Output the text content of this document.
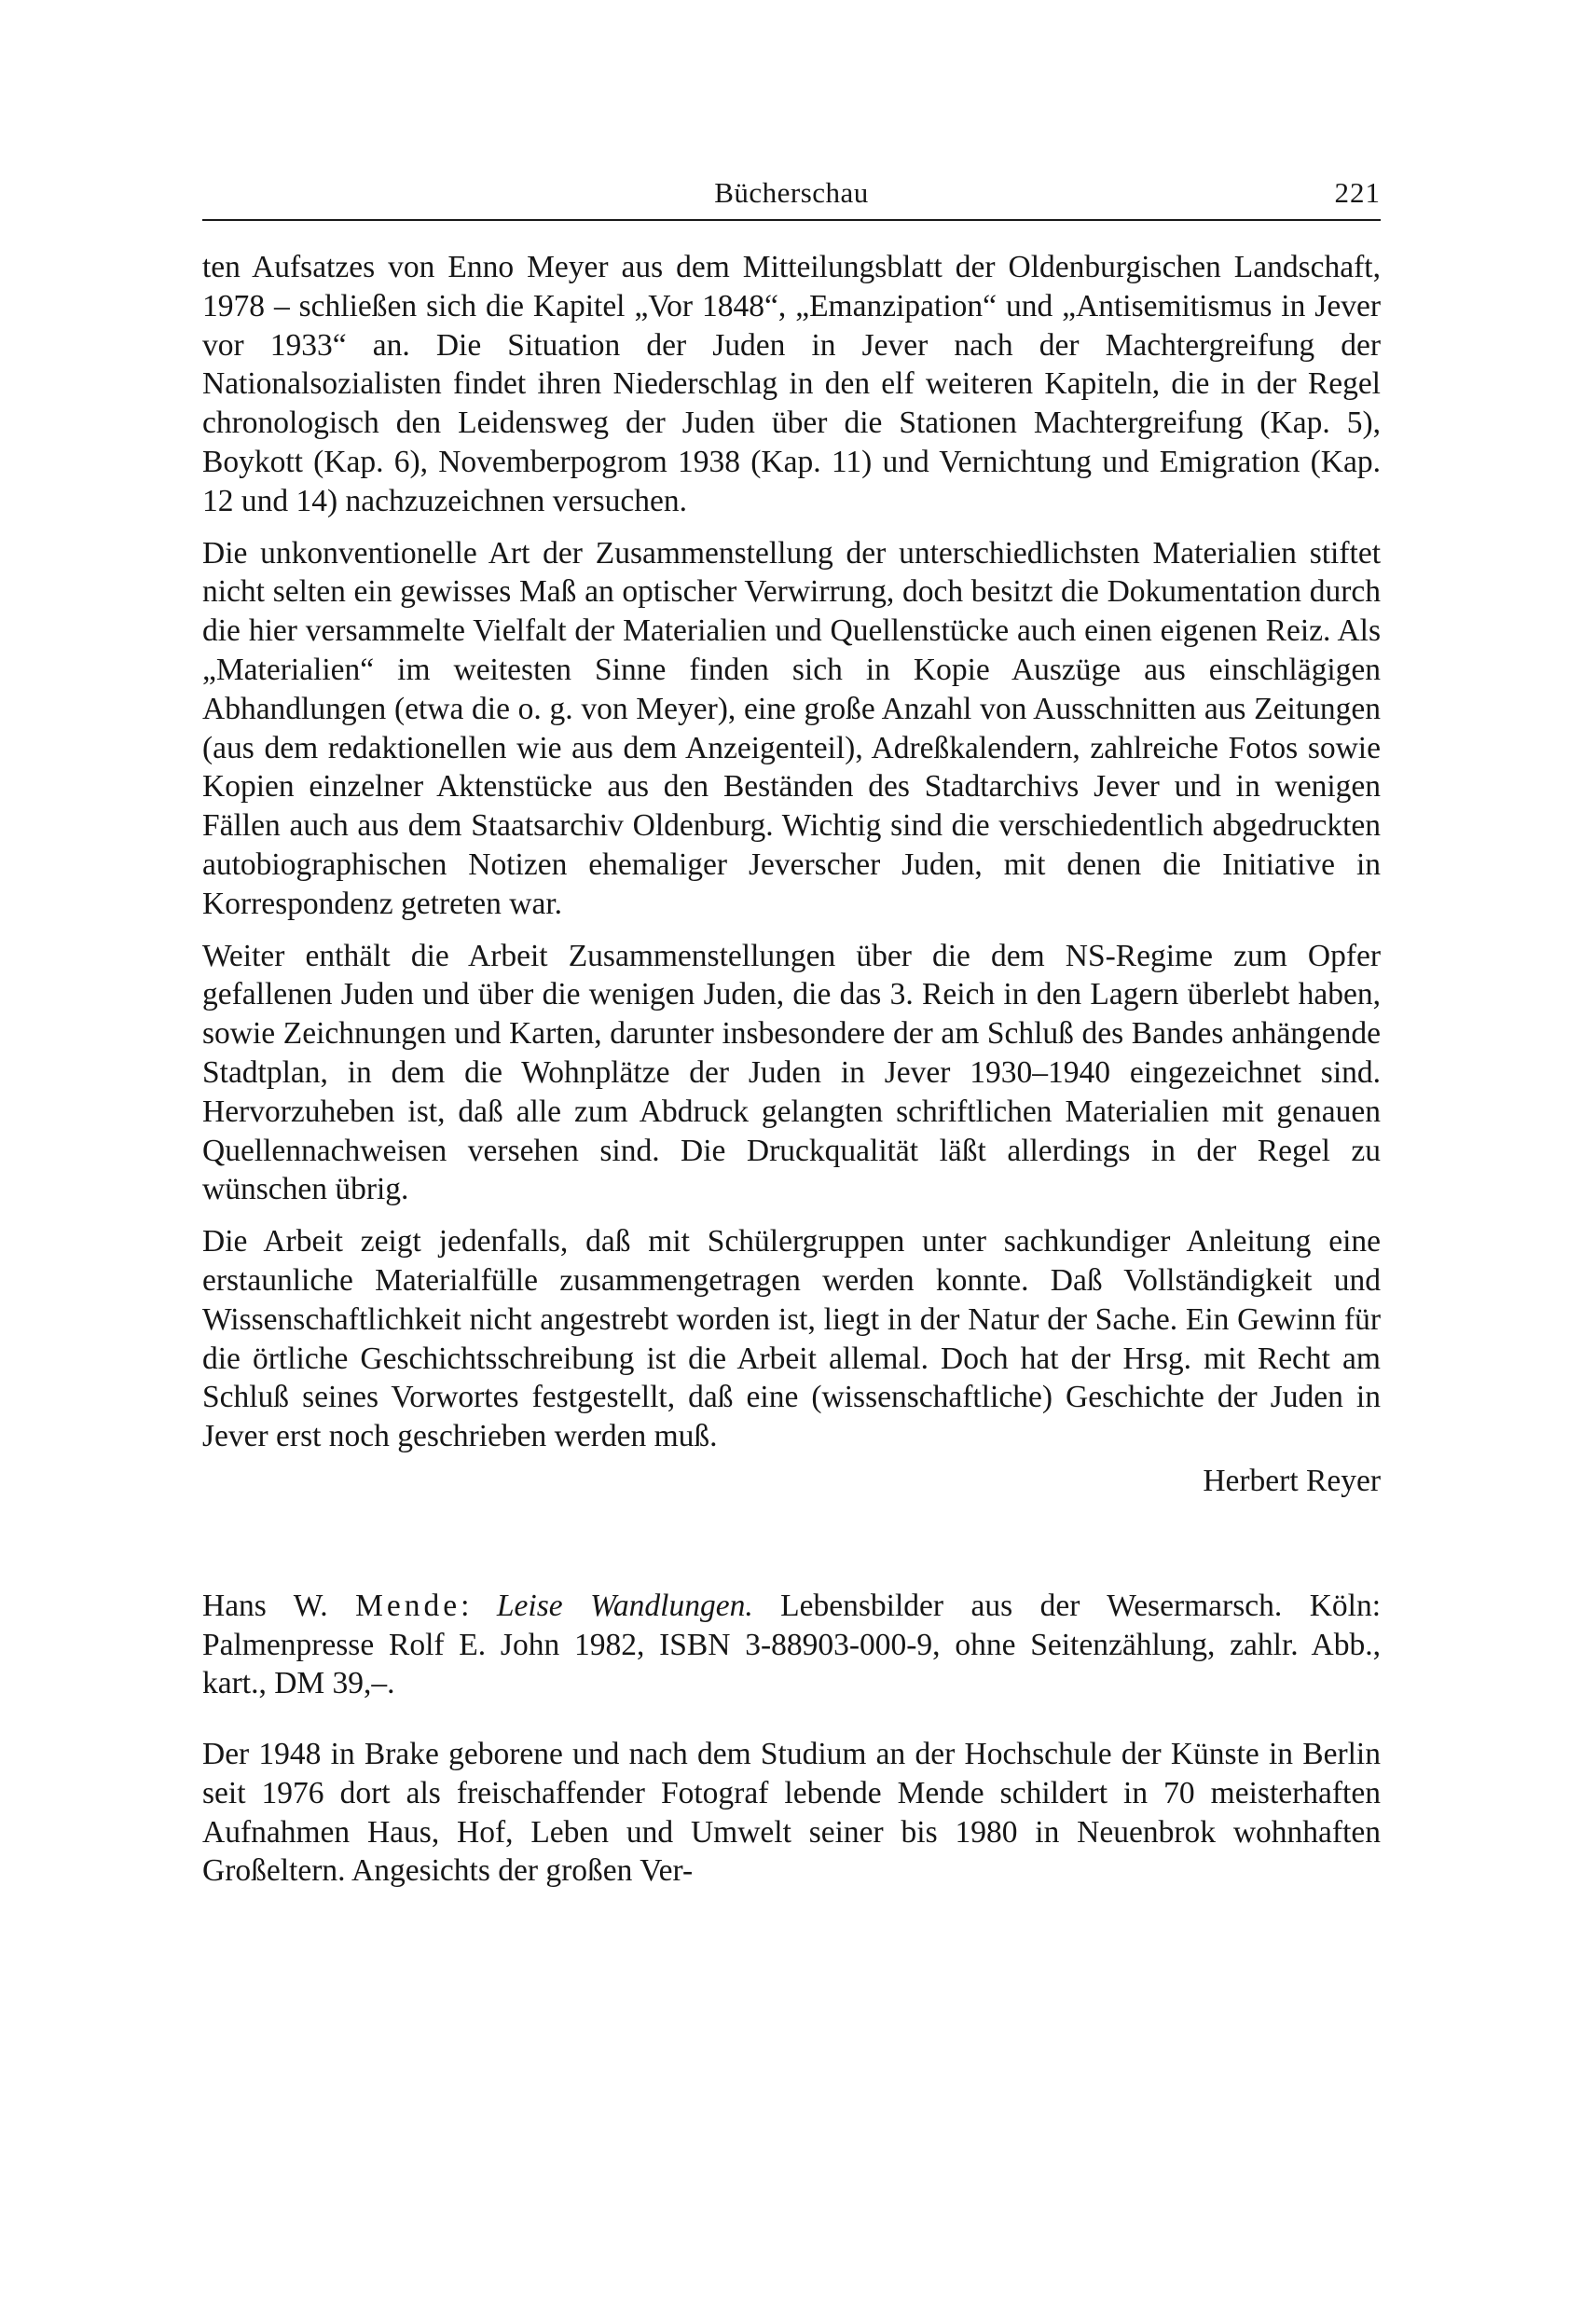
Bücherschau	221

ten Aufsatzes von Enno Meyer aus dem Mitteilungsblatt der Oldenburgischen Landschaft, 1978 – schließen sich die Kapitel „Vor 1848“, „Emanzipation“ und „Antisemitismus in Jever vor 1933“ an. Die Situation der Juden in Jever nach der Machtergreifung der Nationalsozialisten findet ihren Niederschlag in den elf weiteren Kapiteln, die in der Regel chronologisch den Leidensweg der Juden über die Stationen Machtergreifung (Kap. 5), Boykott (Kap. 6), Novemberpogrom 1938 (Kap. 11) und Vernichtung und Emigration (Kap. 12 und 14) nachzuzeichnen versuchen.

Die unkonventionelle Art der Zusammenstellung der unterschiedlichsten Materialien stiftet nicht selten ein gewisses Maß an optischer Verwirrung, doch besitzt die Dokumentation durch die hier versammelte Vielfalt der Materialien und Quellenstücke auch einen eigenen Reiz. Als „Materialien“ im weitesten Sinne finden sich in Kopie Auszüge aus einschlägigen Abhandlungen (etwa die o. g. von Meyer), eine große Anzahl von Ausschnitten aus Zeitungen (aus dem redaktionellen wie aus dem Anzeigenteil), Adreßkalendern, zahlreiche Fotos sowie Kopien einzelner Aktenstücke aus den Beständen des Stadtarchivs Jever und in wenigen Fällen auch aus dem Staatsarchiv Oldenburg. Wichtig sind die verschiedentlich abgedruckten autobiographischen Notizen ehemaliger Jeverscher Juden, mit denen die Initiative in Korrespondenz getreten war.

Weiter enthält die Arbeit Zusammenstellungen über die dem NS-Regime zum Opfer gefallenen Juden und über die wenigen Juden, die das 3. Reich in den Lagern überlebt haben, sowie Zeichnungen und Karten, darunter insbesondere der am Schluß des Bandes anhängende Stadtplan, in dem die Wohnplätze der Juden in Jever 1930–1940 eingezeichnet sind. Hervorzuheben ist, daß alle zum Abdruck gelangten schriftlichen Materialien mit genauen Quellennachweisen versehen sind. Die Druckqualität läßt allerdings in der Regel zu wünschen übrig.

Die Arbeit zeigt jedenfalls, daß mit Schülergruppen unter sachkundiger Anleitung eine erstaunliche Materialfülle zusammengetragen werden konnte. Daß Vollständigkeit und Wissenschaftlichkeit nicht angestrebt worden ist, liegt in der Natur der Sache. Ein Gewinn für die örtliche Geschichtsschreibung ist die Arbeit allemal. Doch hat der Hrsg. mit Recht am Schluß seines Vorwortes festgestellt, daß eine (wissenschaftliche) Geschichte der Juden in Jever erst noch geschrieben werden muß.

Herbert Reyer

Hans W. Mende: Leise Wandlungen. Lebensbilder aus der Wesermarsch. Köln: Palmenpresse Rolf E. John 1982, ISBN 3-88903-000-9, ohne Seitenzählung, zahlr. Abb., kart., DM 39,–.

Der 1948 in Brake geborene und nach dem Studium an der Hochschule der Künste in Berlin seit 1976 dort als freischaffender Fotograf lebende Mende schildert in 70 meisterhaften Aufnahmen Haus, Hof, Leben und Umwelt seiner bis 1980 in Neuenbrok wohnhaften Großeltern. Angesichts der großen Ver-
